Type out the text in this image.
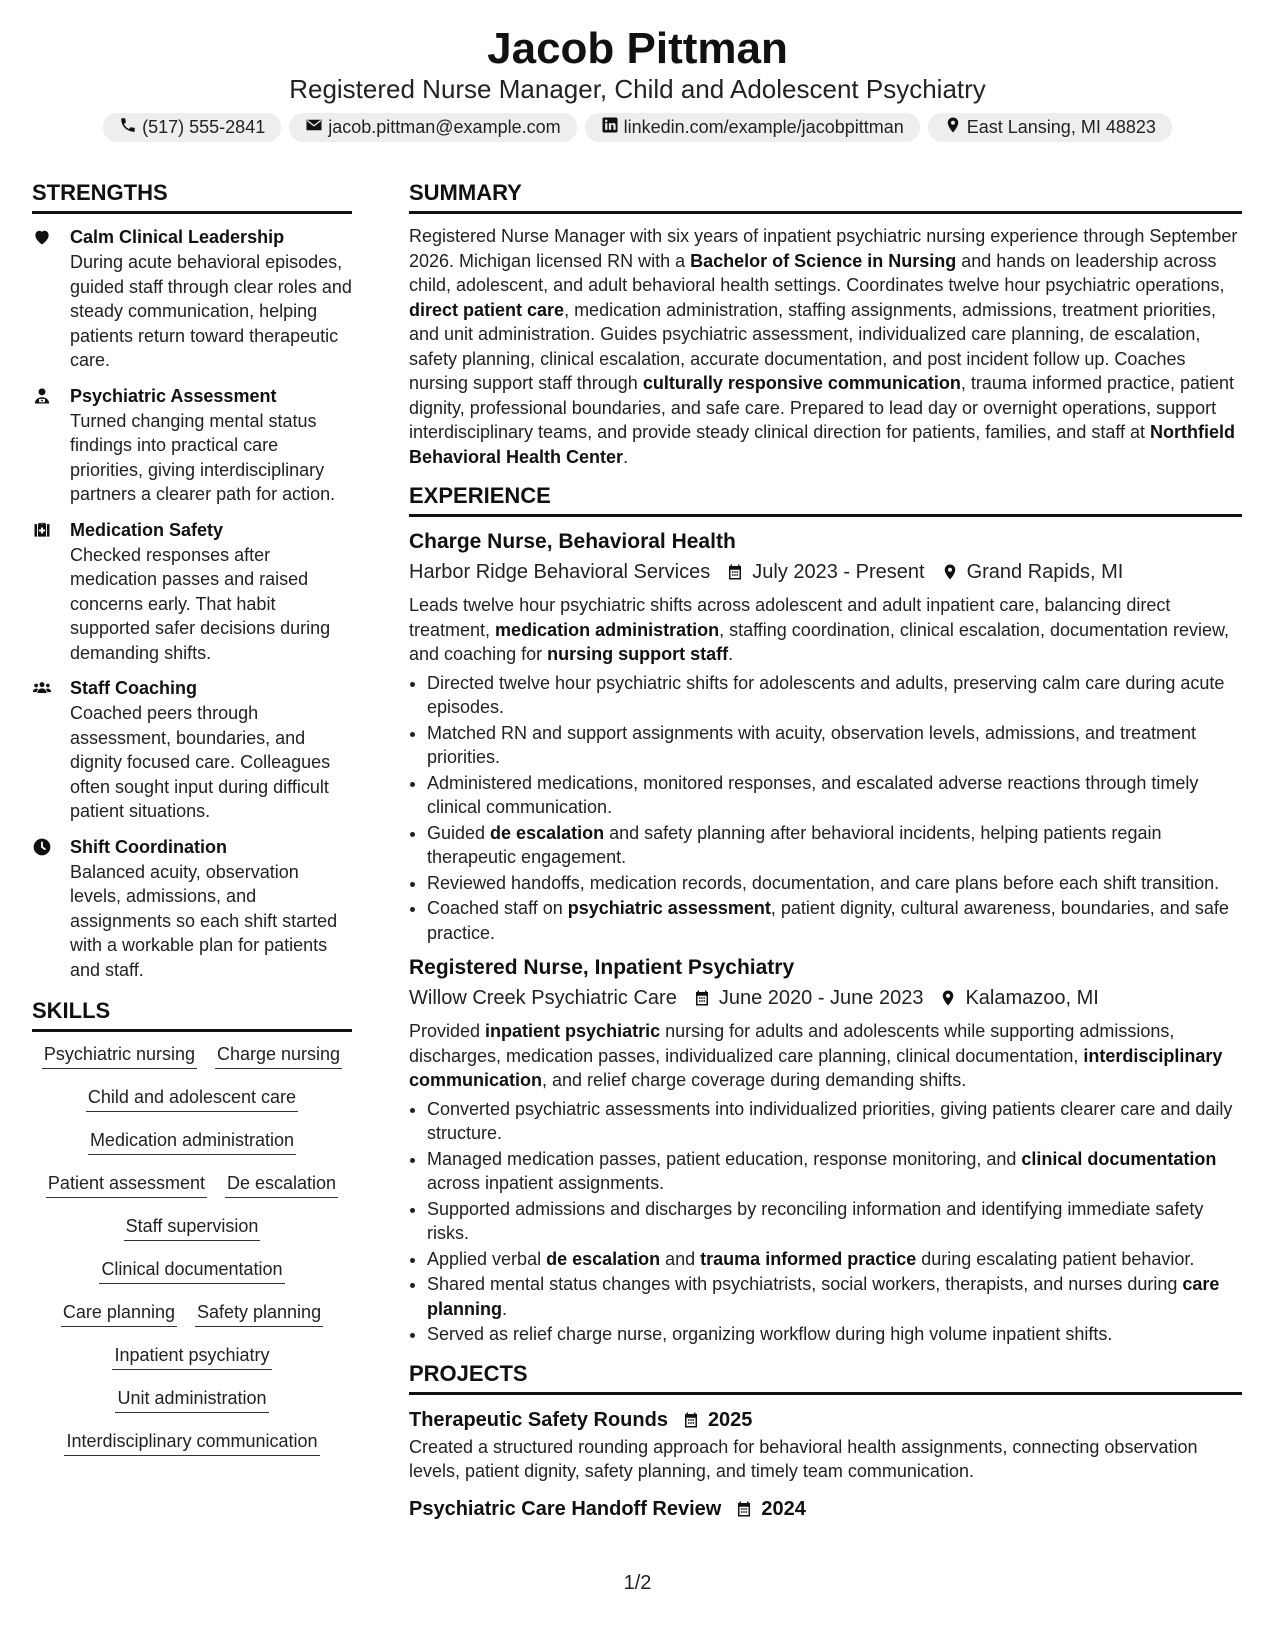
Jacob Pittman
Registered Nurse Manager, Child and Adolescent Psychiatry
(517) 555-2841	jacob.pittman@example.com	linkedin.com/example/jacobpittman	East Lansing, MI 48823
STRENGTHS
Calm Clinical Leadership
During acute behavioral episodes, guided staff through clear roles and steady communication, helping patients return toward therapeutic care.
Psychiatric Assessment
Turned changing mental status findings into practical care priorities, giving interdisciplinary partners a clearer path for action.
Medication Safety
Checked responses after medication passes and raised concerns early. That habit supported safer decisions during demanding shifts.
Staff Coaching
Coached peers through assessment, boundaries, and dignity focused care. Colleagues often sought input during difficult patient situations.
Shift Coordination
Balanced acuity, observation levels, admissions, and assignments so each shift started with a workable plan for patients and staff.
SKILLS
Psychiatric nursing Charge nursing
Child and adolescent care
Medication administration
Patient assessment De escalation
Staff supervision
Clinical documentation
Care planning Safety planning
Inpatient psychiatry
Unit administration
Interdisciplinary communication
SUMMARY
Registered Nurse Manager with six years of inpatient psychiatric nursing experience through September 2026. Michigan licensed RN with a Bachelor of Science in Nursing and hands on leadership across child, adolescent, and adult behavioral health settings. Coordinates twelve hour psychiatric operations, direct patient care, medication administration, staffing assignments, admissions, treatment priorities, and unit administration. Guides psychiatric assessment, individualized care planning, de escalation, safety planning, clinical escalation, accurate documentation, and post incident follow up. Coaches nursing support staff through culturally responsive communication, trauma informed practice, patient dignity, professional boundaries, and safe care. Prepared to lead day or overnight operations, support interdisciplinary teams, and provide steady clinical direction for patients, families, and staff at Northfield Behavioral Health Center.
EXPERIENCE
Charge Nurse, Behavioral Health
Harbor Ridge Behavioral Services July 2023 - Present Grand Rapids, MI
Leads twelve hour psychiatric shifts across adolescent and adult inpatient care, balancing direct treatment, medication administration, staffing coordination, clinical escalation, documentation review, and coaching for nursing support staff.
• Directed twelve hour psychiatric shifts for adolescents and adults, preserving calm care during acute episodes.
• Matched RN and support assignments with acuity, observation levels, admissions, and treatment priorities.
• Administered medications, monitored responses, and escalated adverse reactions through timely clinical communication.
• Guided de escalation and safety planning after behavioral incidents, helping patients regain therapeutic engagement.
• Reviewed handoffs, medication records, documentation, and care plans before each shift transition.
• Coached staff on psychiatric assessment, patient dignity, cultural awareness, boundaries, and safe practice.
Registered Nurse, Inpatient Psychiatry
Willow Creek Psychiatric Care June 2020 - June 2023 Kalamazoo, MI
Provided inpatient psychiatric nursing for adults and adolescents while supporting admissions, discharges, medication passes, individualized care planning, clinical documentation, interdisciplinary communication, and relief charge coverage during demanding shifts.
• Converted psychiatric assessments into individualized priorities, giving patients clearer care and daily structure.
• Managed medication passes, patient education, response monitoring, and clinical documentation across inpatient assignments.
• Supported admissions and discharges by reconciling information and identifying immediate safety risks.
• Applied verbal de escalation and trauma informed practice during escalating patient behavior.
• Shared mental status changes with psychiatrists, social workers, therapists, and nurses during care planning.
• Served as relief charge nurse, organizing workflow during high volume inpatient shifts.
PROJECTS
Therapeutic Safety Rounds 2025
Created a structured rounding approach for behavioral health assignments, connecting observation levels, patient dignity, safety planning, and timely team communication.
Psychiatric Care Handoff Review 2024
1/2
